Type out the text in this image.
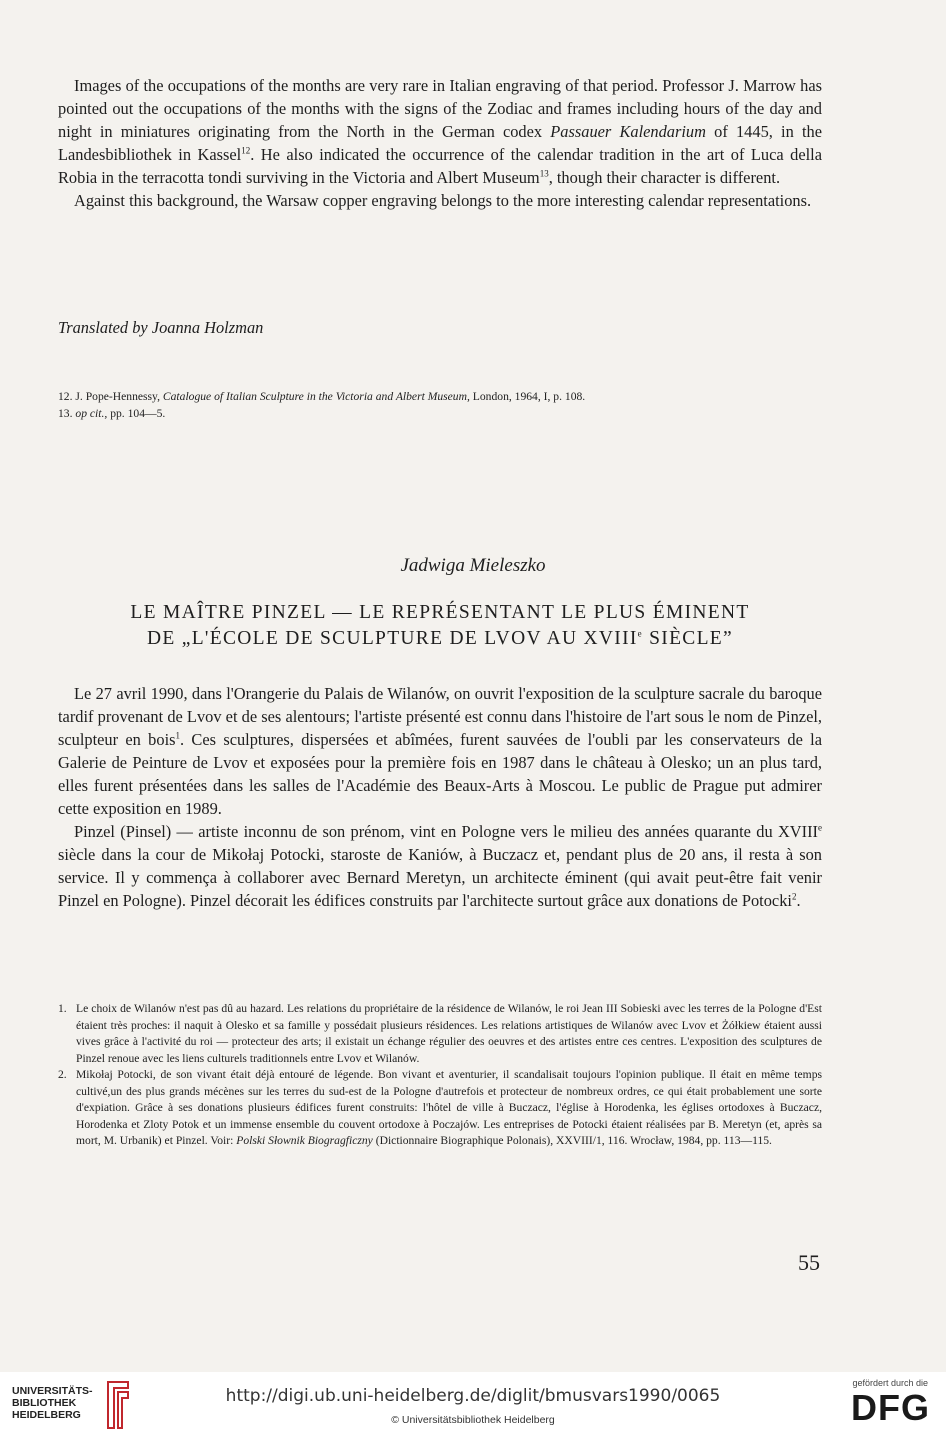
Images of the occupations of the months are very rare in Italian engraving of that period. Professor J. Marrow has pointed out the occupations of the months with the signs of the Zodiac and frames including hours of the day and night in miniatures originating from the North in the German codex Passauer Kalendarium of 1445, in the Landesbibliothek in Kassel$^{12}$. He also indicated the occurrence of the calendar tradition in the art of Luca della Robia in the terracotta tondi surviving in the Victoria and Albert Museum$^{13}$, though their character is different.

Against this background, the Warsaw copper engraving belongs to the more interesting calendar representations.

Translated by Joanna Holzman

12. J. Pope-Hennessy, Catalogue of Italian Sculpture in the Victoria and Albert Museum, London, 1964, I, p. 108.

13. op cit., pp. 104—5.

Jadwiga Mieleszko
LE MAÎTRE PINZEL — LE REPRÉSENTANT LE PLUS ÉMINENT
DE „L'ÉCOLE DE SCULPTURE DE LVOV AU XVIIIe SIÈCLE”

Le 27 avril 1990, dans l'Orangerie du Palais de Wilanów, on ouvrit l'exposition de la sculpture sacrale du baroque tardif provenant de Lvov et de ses alentours; l'artiste présenté est connu dans l'histoire de l'art sous le nom de Pinzel, sculpteur en bois$^1$. Ces sculptures, dispersées et abîmées, furent sauvées de l'oubli par les conservateurs de la Galerie de Peinture de Lvov et exposées pour la première fois en 1987 dans le château à Olesko; un an plus tard, elles furent présentées dans les salles de l'Académie des Beaux-Arts à Moscou. Le public de Prague put admirer cette exposition en 1989.

Pinzel (Pinsel) — artiste inconnu de son prénom, vint en Pologne vers le milieu des années quarante du XVIIIe siècle dans la cour de Mikołaj Potocki, staroste de Kaniów, à Buczacz et, pendant plus de 20 ans, il resta à son service. Il y commença à collaborer avec Bernard Meretyn, un architecte éminent (qui avait peut-être fait venir Pinzel en Pologne). Pinzel décorait les édifices construits par l'architecte surtout grâce aux donations de Potocki$^2$.

1. Le choix de Wilanów n'est pas dû au hazard. Les relations du propriétaire de la résidence de Wilanów, le roi Jean III Sobieski avec les terres de la Pologne d'Est étaient très proches: il naquit à Olesko et sa famille y possédait plusieurs résidences. Les relations artistiques de Wilanów avec Lvov et Żółkiew étaient aussi vives grâce à l'activité du roi — protecteur des arts; il existait un échange régulier des oeuvres et des artistes entre ces centres. L'exposition des sculptures de Pinzel renoue avec les liens culturels traditionnels entre Lvov et Wilanów.
2. Mikołaj Potocki, de son vivant était déjà entouré de légende. Bon vivant et aventurier, il scandalisait toujours l'opinion publique. Il était en même temps cultivé,un des plus grands mécènes sur les terres du sud-est de la Pologne d'autrefois et protecteur de nombreux ordres, ce qui était probablement une sorte d'expiation. Grâce à ses donations plusieurs édifices furent construits: l'hôtel de ville à Buczacz, l'église à Horodenka, les églises ortodoxes à Buczacz, Horodenka et Zloty Potok et un immense ensemble du couvent ortodoxe à Poczajów. Les entreprises de Potocki étaient réalisées par B. Meretyn (et, après sa mort, M. Urbanik) et Pinzel. Voir: Polski Słownik Biogragficzny (Dictionnaire Biographique Polonais), XXVIII/1, 116. Wrocław, 1984, pp. 113—115.
55
UNIVERSITÄTS-
BIBLIOTHEK
HEIDELBERG
http://digi.ub.uni-heidelberg.de/diglit/bmusvars1990/0065
© Universitätsbibliothek Heidelberg
gefördert durch die
DFG
